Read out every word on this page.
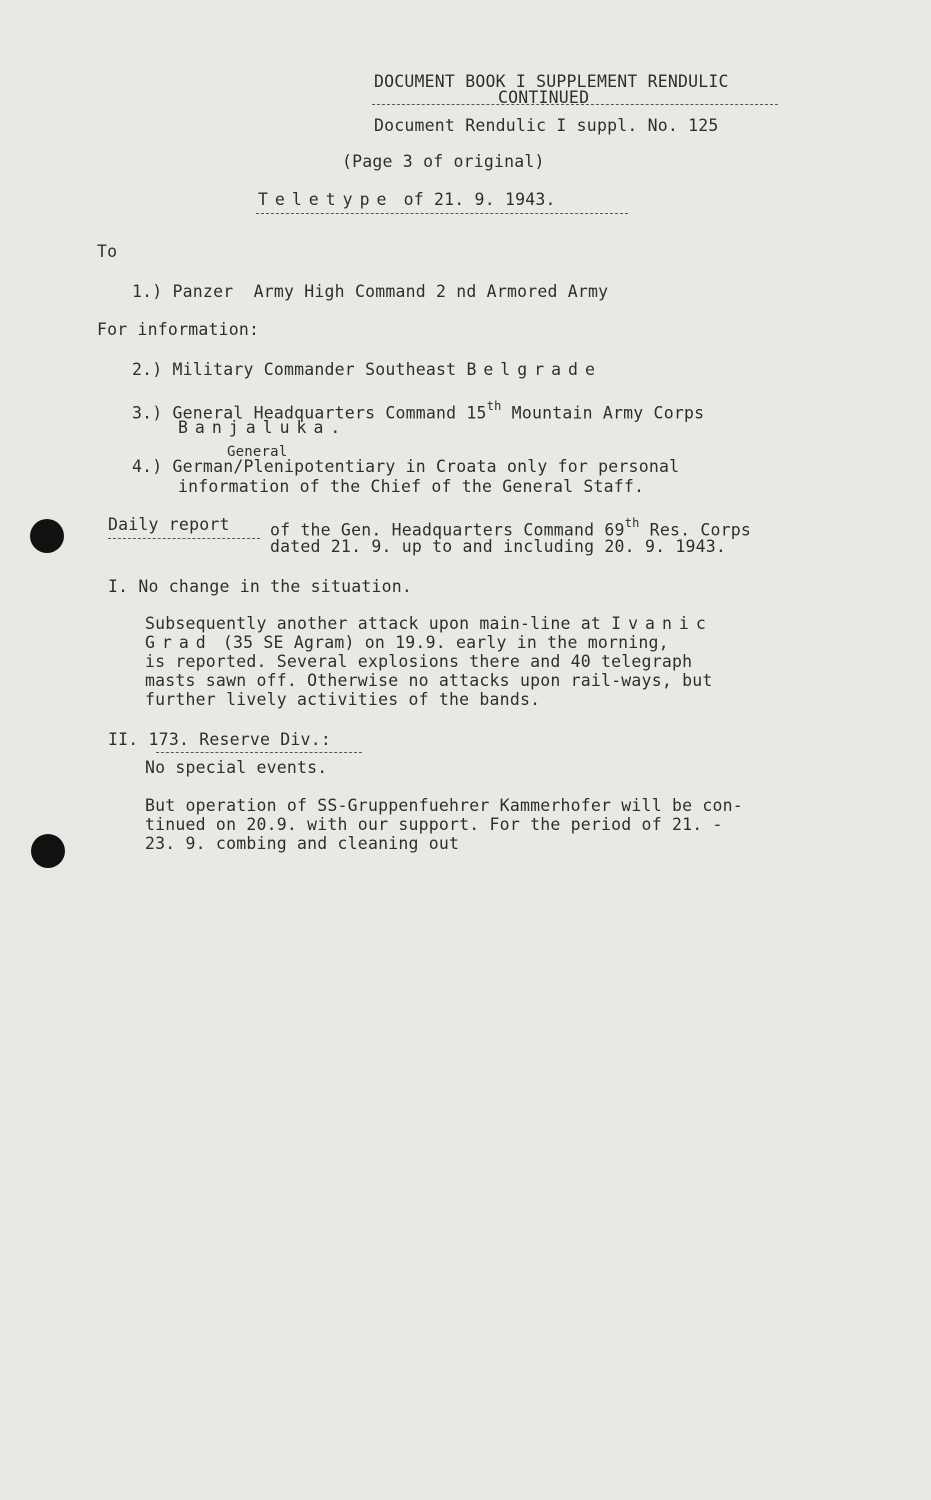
DOCUMENT BOOK I SUPPLEMENT RENDULIC
CONTINUED
Document Rendulic I suppl. No. 125
(Page 3 of original)
Teletype of 21. 9. 1943.
To
1.) Panzer  Army High Command 2 nd Armored Army
For information:
2.) Military Commander Southeast Belgrade
3.) General Headquarters Command 15th Mountain Army Corps
Banjaluka.
General
4.) German/Plenipotentiary in Croata only for personal
information of the Chief of the General Staff.
Daily report of the Gen. Headquarters Command 69th Res. Corps
dated 21. 9. up to and including 20. 9. 1943.
I. No change in the situation.
Subsequently another attack upon main-line at Ivanic
Grad (35 SE Agram) on 19.9. early in the morning,
is reported. Several explosions there and 40 telegraph
masts sawn off. Otherwise no attacks upon rail-ways, but
further lively activities of the bands.
II. 173. Reserve Div.:
No special events.
But operation of SS-Gruppenfuehrer Kammerhofer will be con-
tinued on 20.9. with our support. For the period of 21. -
23. 9. combing and cleaning out
